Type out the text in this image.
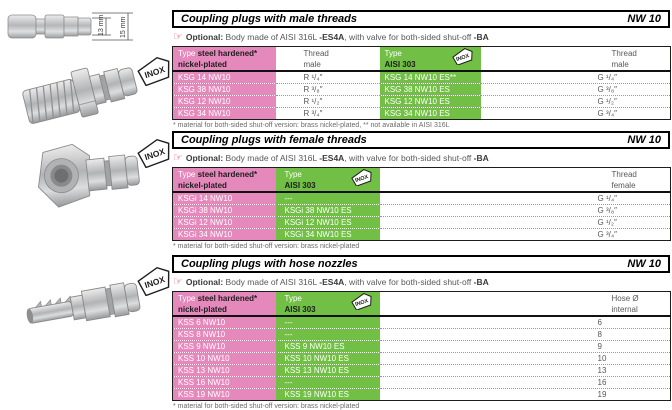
13 mm 15 mm
INOX
INOX
INOX
Coupling plugs with male threads	NW 10
☞ Optional: Body made of AISI 316L -ES4A, with valve for both-sided shut-off -BA
Type steel hardened*
nickel-plated	Thread
male	Type
AISI 303
INOX	Thread
male
KSG 14 NW10	R ¹/₄″	KSG 14 NW10 ES**	G ¹/₄″
KSG 38 NW10	R ³/₈″	KSG 38 NW10 ES	G ³/₈″
KSG 12 NW10	R ¹/₂″	KSG 12 NW10 ES	G ¹/₂″
KSG 34 NW10	R ³/₄″	KSG 34 NW10 ES	G ³/₄″
* material for both-sided shut-off version: brass nickel-plated, ** not available in AISI 316L
Coupling plugs with female threads	NW 10
☞ Optional: Body made of AISI 316L -ES4A, with valve for both-sided shut-off -BA
Type steel hardened*
nickel-plated	Type
AISI 303
INOX	Thread
female
KSGi 14 NW10	---	G ¹/₄″
KSGi 38 NW10	KSGi 38 NW10 ES	G ³/₈″
KSGi 12 NW10	KSGi 12 NW10 ES	G ¹/₂″
KSGi 34 NW10	KSGi 34 NW10 ES	G ³/₄″
* material for both-sided shut-off version: brass nickel-plated
Coupling plugs with hose nozzles	NW 10
☞ Optional: Body made of AISI 316L -ES4A, with valve for both-sided shut-off -BA
Type steel hardened*
nickel-plated	Type
AISI 303
INOX	Hose Ø
internal
KSS 6 NW10	---	6
KSS 8 NW10	---	8
KSS 9 NW10	KSS 9 NW10 ES	9
KSS 10 NW10	KSS 10 NW10 ES	10
KSS 13 NW10	KSS 13 NW10 ES	13
KSS 16 NW10	---	16
KSS 19 NW10	KSS 19 NW10 ES	19
* material for both-sided shut-off version: brass nickel-plated
